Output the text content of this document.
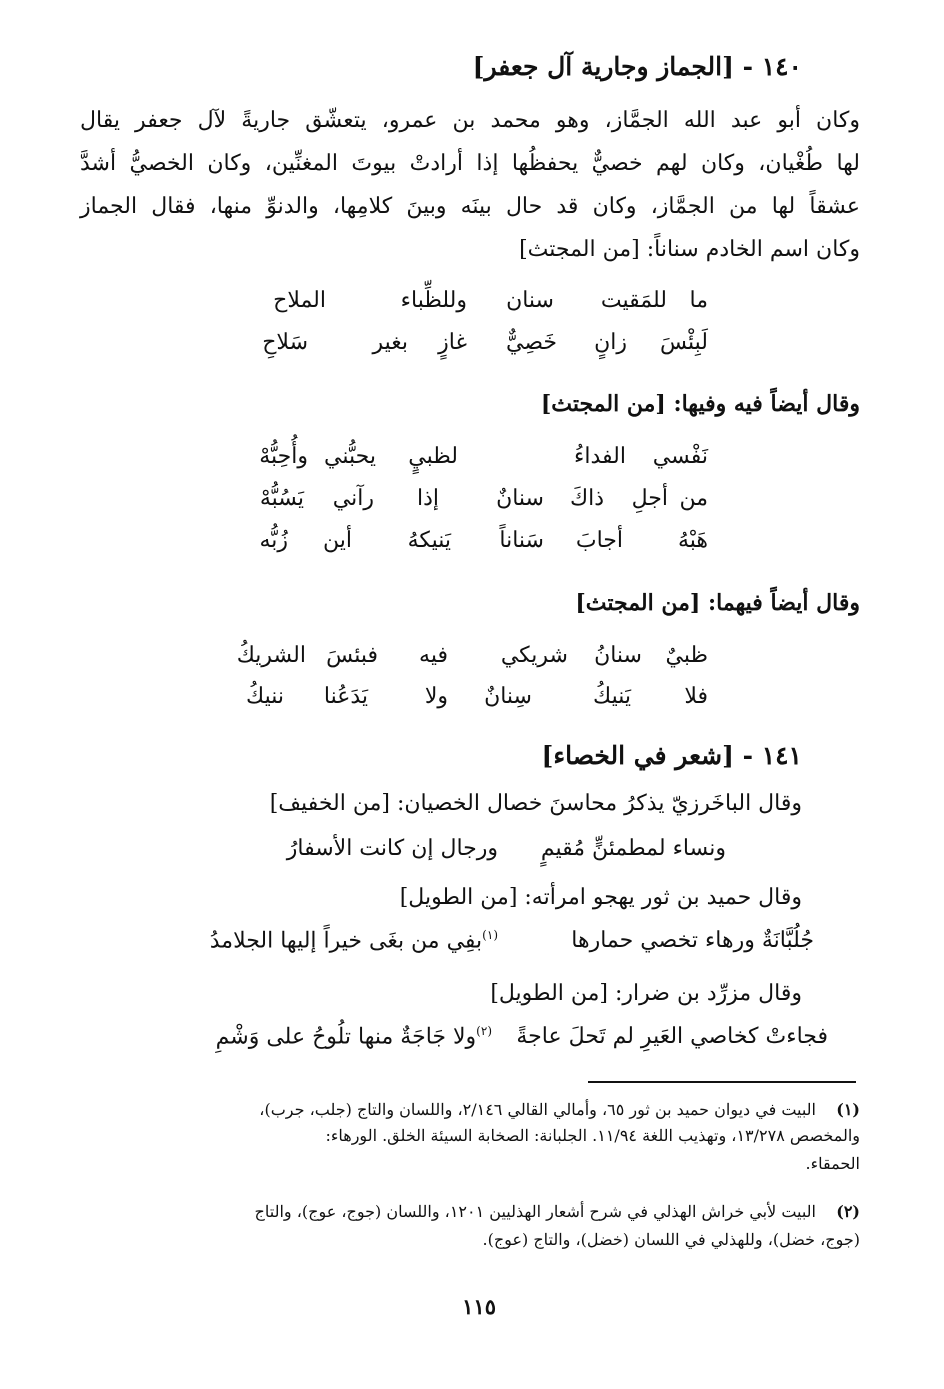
١٤٠ - [الجماز وجارية آل جعفر]
وكان أبو عبد الله الجمَّاز، وهو محمد بن عمرو، يتعشّق جاريةً لآل جعفر يقال
لها طُغْيان، وكان لهم خصيٌّ يحفظُها إذا أرادتْ بيوتَ المغنِّين، وكان الخصيُّ أشدَّ
عشقاً لها من الجمَّاز، وكان قد حال بينَه وبينَ كلامِها، والدنوِّ منها، فقال الجماز
وكان اسم الخادم سناناً: [من المجتث]
ما
للمَقيت
سنان
وللظِّباء
الملاح
لَبِئْسَ
زانٍ
خَصِيٌّ
غازٍ
بغير
سَلاحِ
وقال أيضاً فيه وفيها: [من المجتث]
نَفْسي
الفداءُ
لظبيٍ
يحبُّني
وأُحِبُّهْ
من
أجلِ
ذاكَ
سنانٌ
إذا
رآني
يَسُبُّهْ
هَبْهُ
أجابَ
سَناناً
يَنيكهُ
أين
زُبُّه
وقال أيضاً فيهما: [من المجتث]
ظبيٌ
سنانُ
شريكي
فيه
فبئسَ
الشريكُ
فلا
يَنيكُ
سِنانٌ
ولا
يَدَعُنا
ننيكُ
١٤١ - [شعر في الخصاء]
وقال الباخَرزيّ يذكرُ محاسنَ خصال الخصيان: [من الخفيف]
ونساء لمطمئنٍّ مُقيمٍ
ورجال إن كانت الأسفارُ
وقال حميد بن ثور يهجو امرأته: [من الطويل]
جُلُبَّانَةٌ ورهاء تخصي حمارها
$^{(١)}$بفِي من بغَى خيراً إليها الجلامدُ
وقال مزرِّد بن ضرار: [من الطويل]
فجاءتْ كخاصي العَيرِ لم تَحلَ عاجةً
$^{(٢)}$ولا جَاجَةٌ منها تلُوحُ على وَشْمِ
(١)
البيت في ديوان حميد بن ثور ٦٥، وأمالي القالي ٢/١٤٦، واللسان والتاج (جلب، جرب)،
والمخصص ١٣/٢٧٨، وتهذيب اللغة ١١/٩٤. الجلبانة: الصخابة السيئة الخلق. الورهاء:
الحمقاء.
(٢)
البيت لأبي خراش الهذلي في شرح أشعار الهذليين ١٢٠١، واللسان (جوج، عوج)، والتاج
(جوج، خضل)، وللهذلي في اللسان (خضل)، والتاج (عوج).
١١٥
